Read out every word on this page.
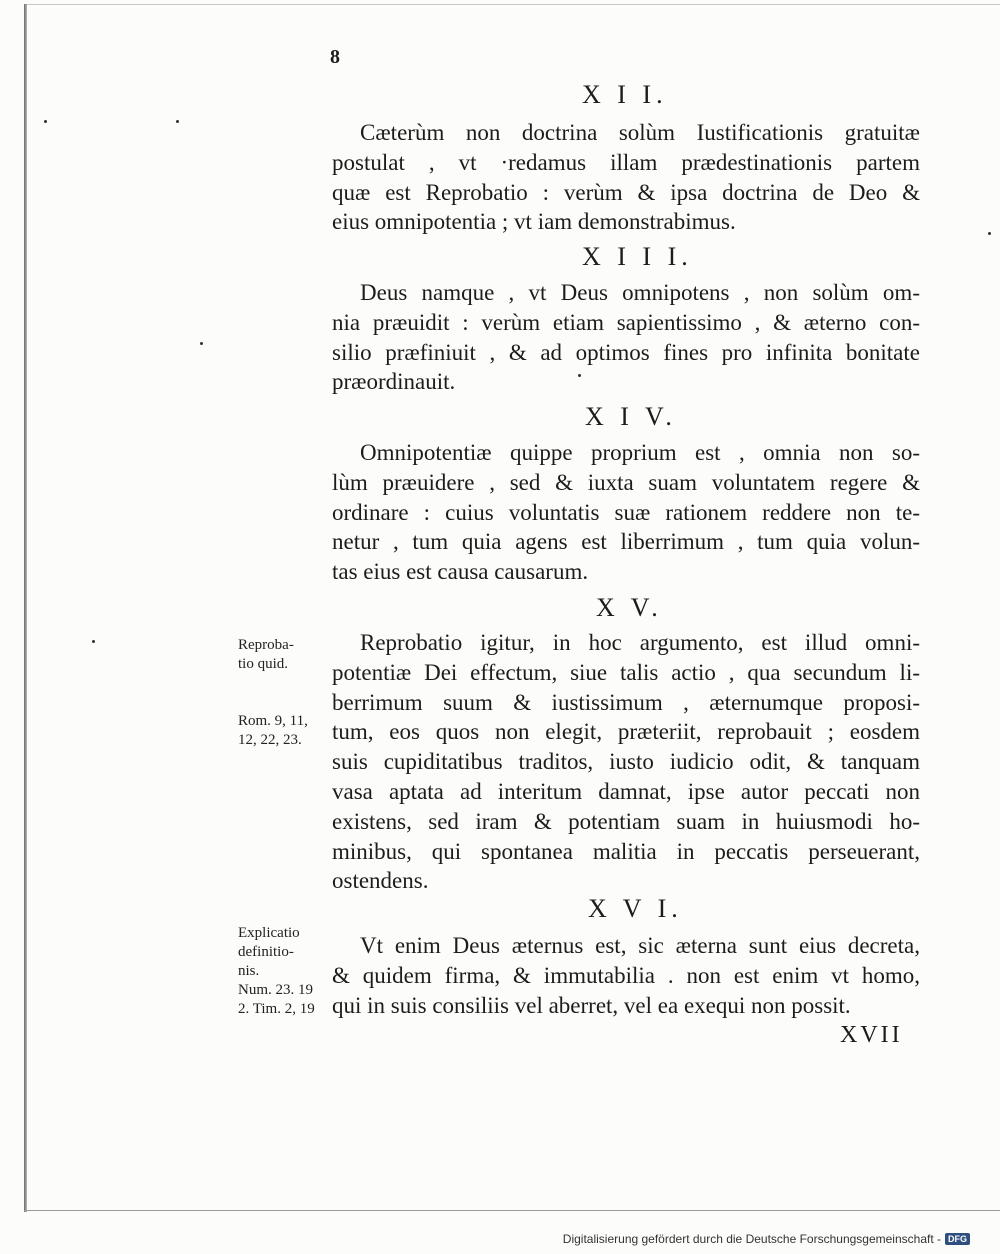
8
X I I.
Cæterùm non doctrina solùm Iustificationis gratuitæ
postulat , vt ·redamus illam prædestinationis partem
quæ est Reprobatio : verùm & ipsa doctrina de Deo &
eius omnipotentia ; vt iam demonstrabimus.
X I I I.
Deus namque , vt Deus omnipotens , non solùm om-
nia præuidit : verùm etiam sapientissimo , & æterno con-
silio præfiniuit , & ad optimos fines pro infinita bonitate
præordinauit.
X I V.
Omnipotentiæ quippe proprium est , omnia non so-
lùm præuidere , sed & iuxta suam voluntatem regere &
ordinare : cuius voluntatis suæ rationem reddere non te-
netur , tum quia agens est liberrimum , tum quia volun-
tas eius est causa causarum.
X V.
Reprobatio igitur, in hoc argumento, est illud omni-
potentiæ Dei effectum, siue talis actio , qua secundum li-
berrimum suum & iustissimum , æternumque proposi-
tum, eos quos non elegit, præteriit, reprobauit ; eosdem
suis cupiditatibus traditos, iusto iudicio odit, & tanquam
vasa aptata ad interitum damnat, ipse autor peccati non
existens, sed iram & potentiam suam in huiusmodi ho-
minibus, qui spontanea malitia in peccatis perseuerant,
ostendens.
X V I.
Vt enim Deus æternus est, sic æterna sunt eius decreta,
& quidem firma, & immutabilia . non est enim vt homo,
qui in suis consiliis vel aberret, vel ea exequi non possit.
Reproba-
tio quid.
Rom. 9, 11,
12, 22, 23.
Explicatio
definitio-
nis.
Num. 23. 19
2. Tim. 2, 19
XVII
Digitalisierung gefördert durch die Deutsche Forschungsgemeinschaft - DFG
